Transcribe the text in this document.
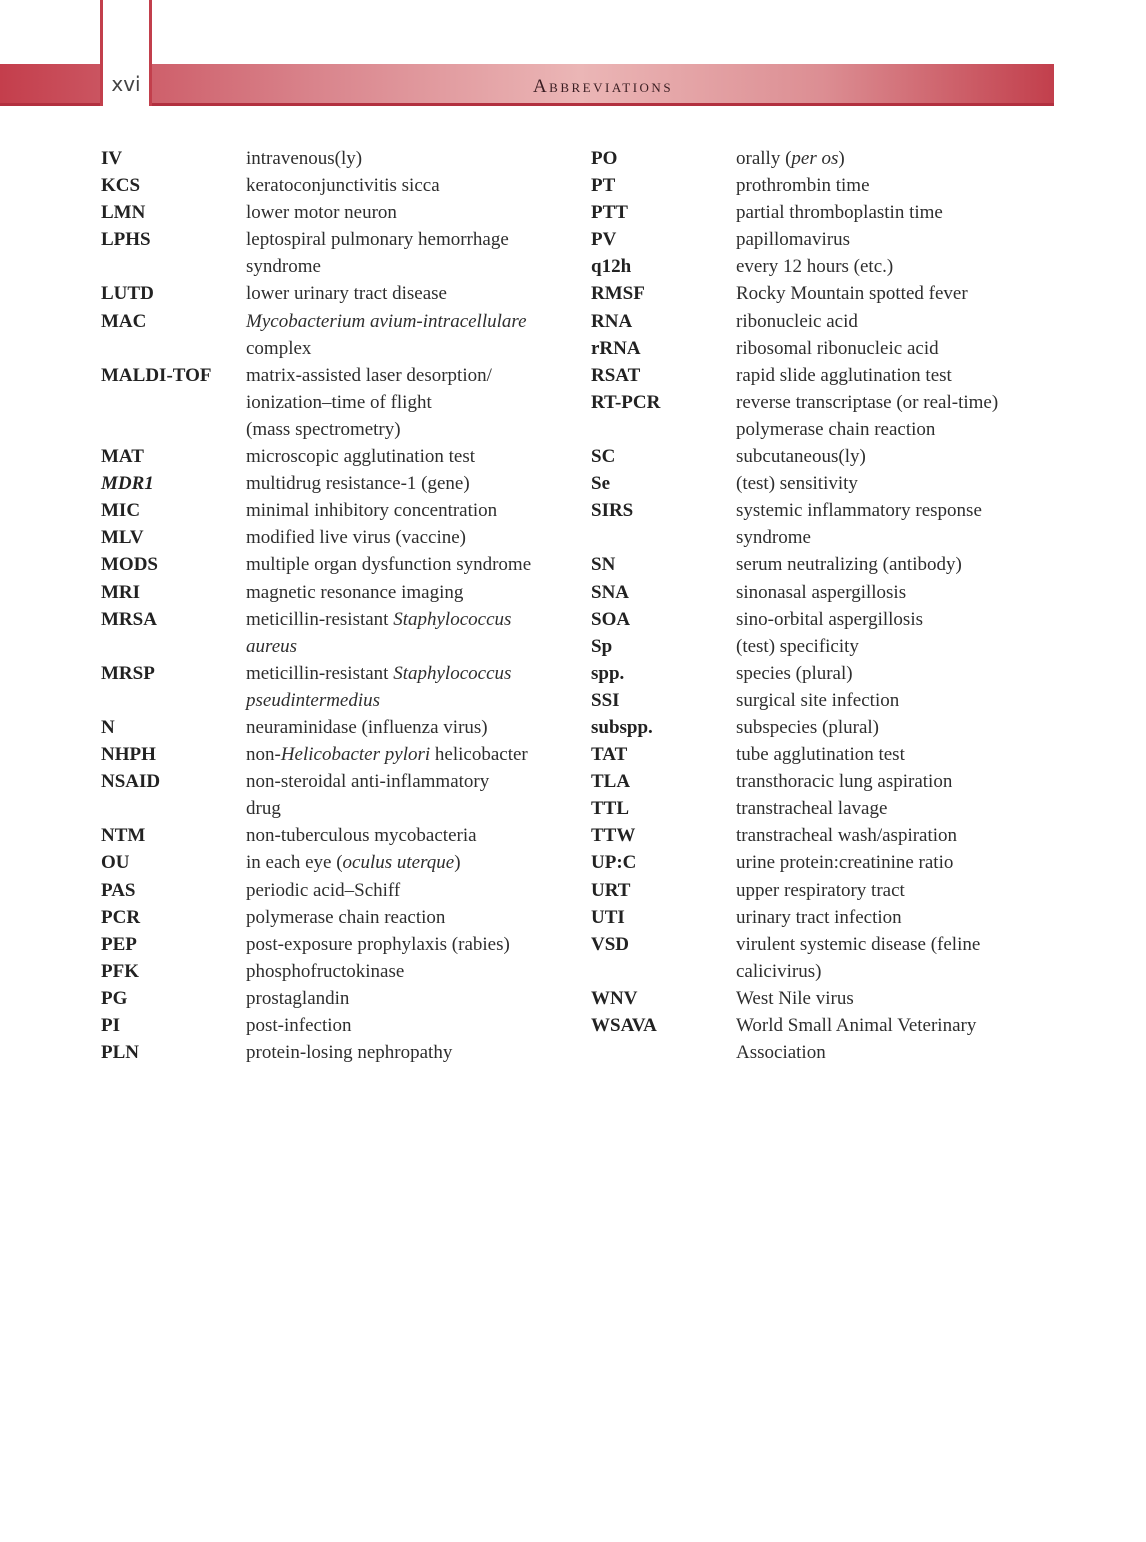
xvi	Abbreviations
IV	intravenous(ly)
KCS	keratoconjunctivitis sicca
LMN	lower motor neuron
LPHS	leptospiral pulmonary hemorrhage
syndrome
LUTD	lower urinary tract disease
MAC	Mycobacterium avium-intracellulare
complex
MALDI-TOF	matrix-assisted laser desorption/
ionization–time of flight
(mass spectrometry)
MAT	microscopic agglutination test
MDR1	multidrug resistance-1 (gene)
MIC	minimal inhibitory concentration
MLV	modified live virus (vaccine)
MODS	multiple organ dysfunction syndrome
MRI	magnetic resonance imaging
MRSA	meticillin-resistant Staphylococcus
aureus
MRSP	meticillin-resistant Staphylococcus
pseudintermedius
N	neuraminidase (influenza virus)
NHPH	non-Helicobacter pylori helicobacter
NSAID	non-steroidal anti-inflammatory
drug
NTM	non-tuberculous mycobacteria
OU	in each eye (oculus uterque)
PAS	periodic acid–Schiff
PCR	polymerase chain reaction
PEP	post-exposure prophylaxis (rabies)
PFK	phosphofructokinase
PG	prostaglandin
PI	post-infection
PLN	protein-losing nephropathy
PO	orally (per os)
PT	prothrombin time
PTT	partial thromboplastin time
PV	papillomavirus
q12h	every 12 hours (etc.)
RMSF	Rocky Mountain spotted fever
RNA	ribonucleic acid
rRNA	ribosomal ribonucleic acid
RSAT	rapid slide agglutination test
RT-PCR	reverse transcriptase (or real-time)
polymerase chain reaction
SC	subcutaneous(ly)
Se	(test) sensitivity
SIRS	systemic inflammatory response
syndrome
SN	serum neutralizing (antibody)
SNA	sinonasal aspergillosis
SOA	sino-orbital aspergillosis
Sp	(test) specificity
spp.	species (plural)
SSI	surgical site infection
subspp.	subspecies (plural)
TAT	tube agglutination test
TLA	transthoracic lung aspiration
TTL	transtracheal lavage
TTW	transtracheal wash/aspiration
UP:C	urine protein:creatinine ratio
URT	upper respiratory tract
UTI	urinary tract infection
VSD	virulent systemic disease (feline
calicivirus)
WNV	West Nile virus
WSAVA	World Small Animal Veterinary
Association
